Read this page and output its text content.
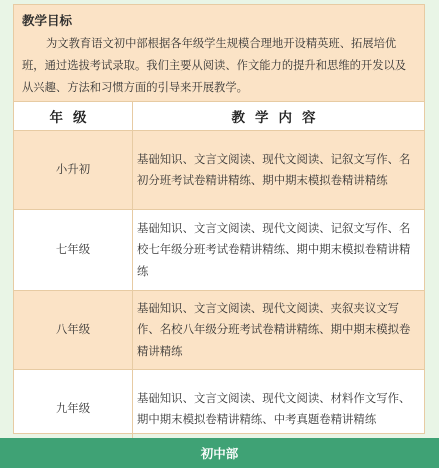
教学目标
为文教育语文初中部根据各年级学生规模合理地开设精英班、拓展培优班，通过选拔考试录取。我们主要从阅读、作文能力的提升和思维的开发以及从兴趣、方法和习惯方面的引导来开展教学。
年级	教学内容
小升初	基础知识、文言文阅读、现代文阅读、记叙文写作、名初分班考试卷精讲精练、期中期末模拟卷精讲精练
七年级	基础知识、文言文阅读、现代文阅读、记叙文写作、名校七年级分班考试卷精讲精练、期中期末模拟卷精讲精练
八年级	基础知识、文言文阅读、现代文阅读、夹叙夹议文写作、名校八年级分班考试卷精讲精练、期中期末模拟卷精讲精练
九年级	基础知识、文言文阅读、现代文阅读、材料作文写作、期中期末模拟卷精讲精练、中考真题卷精讲精练
初中部
